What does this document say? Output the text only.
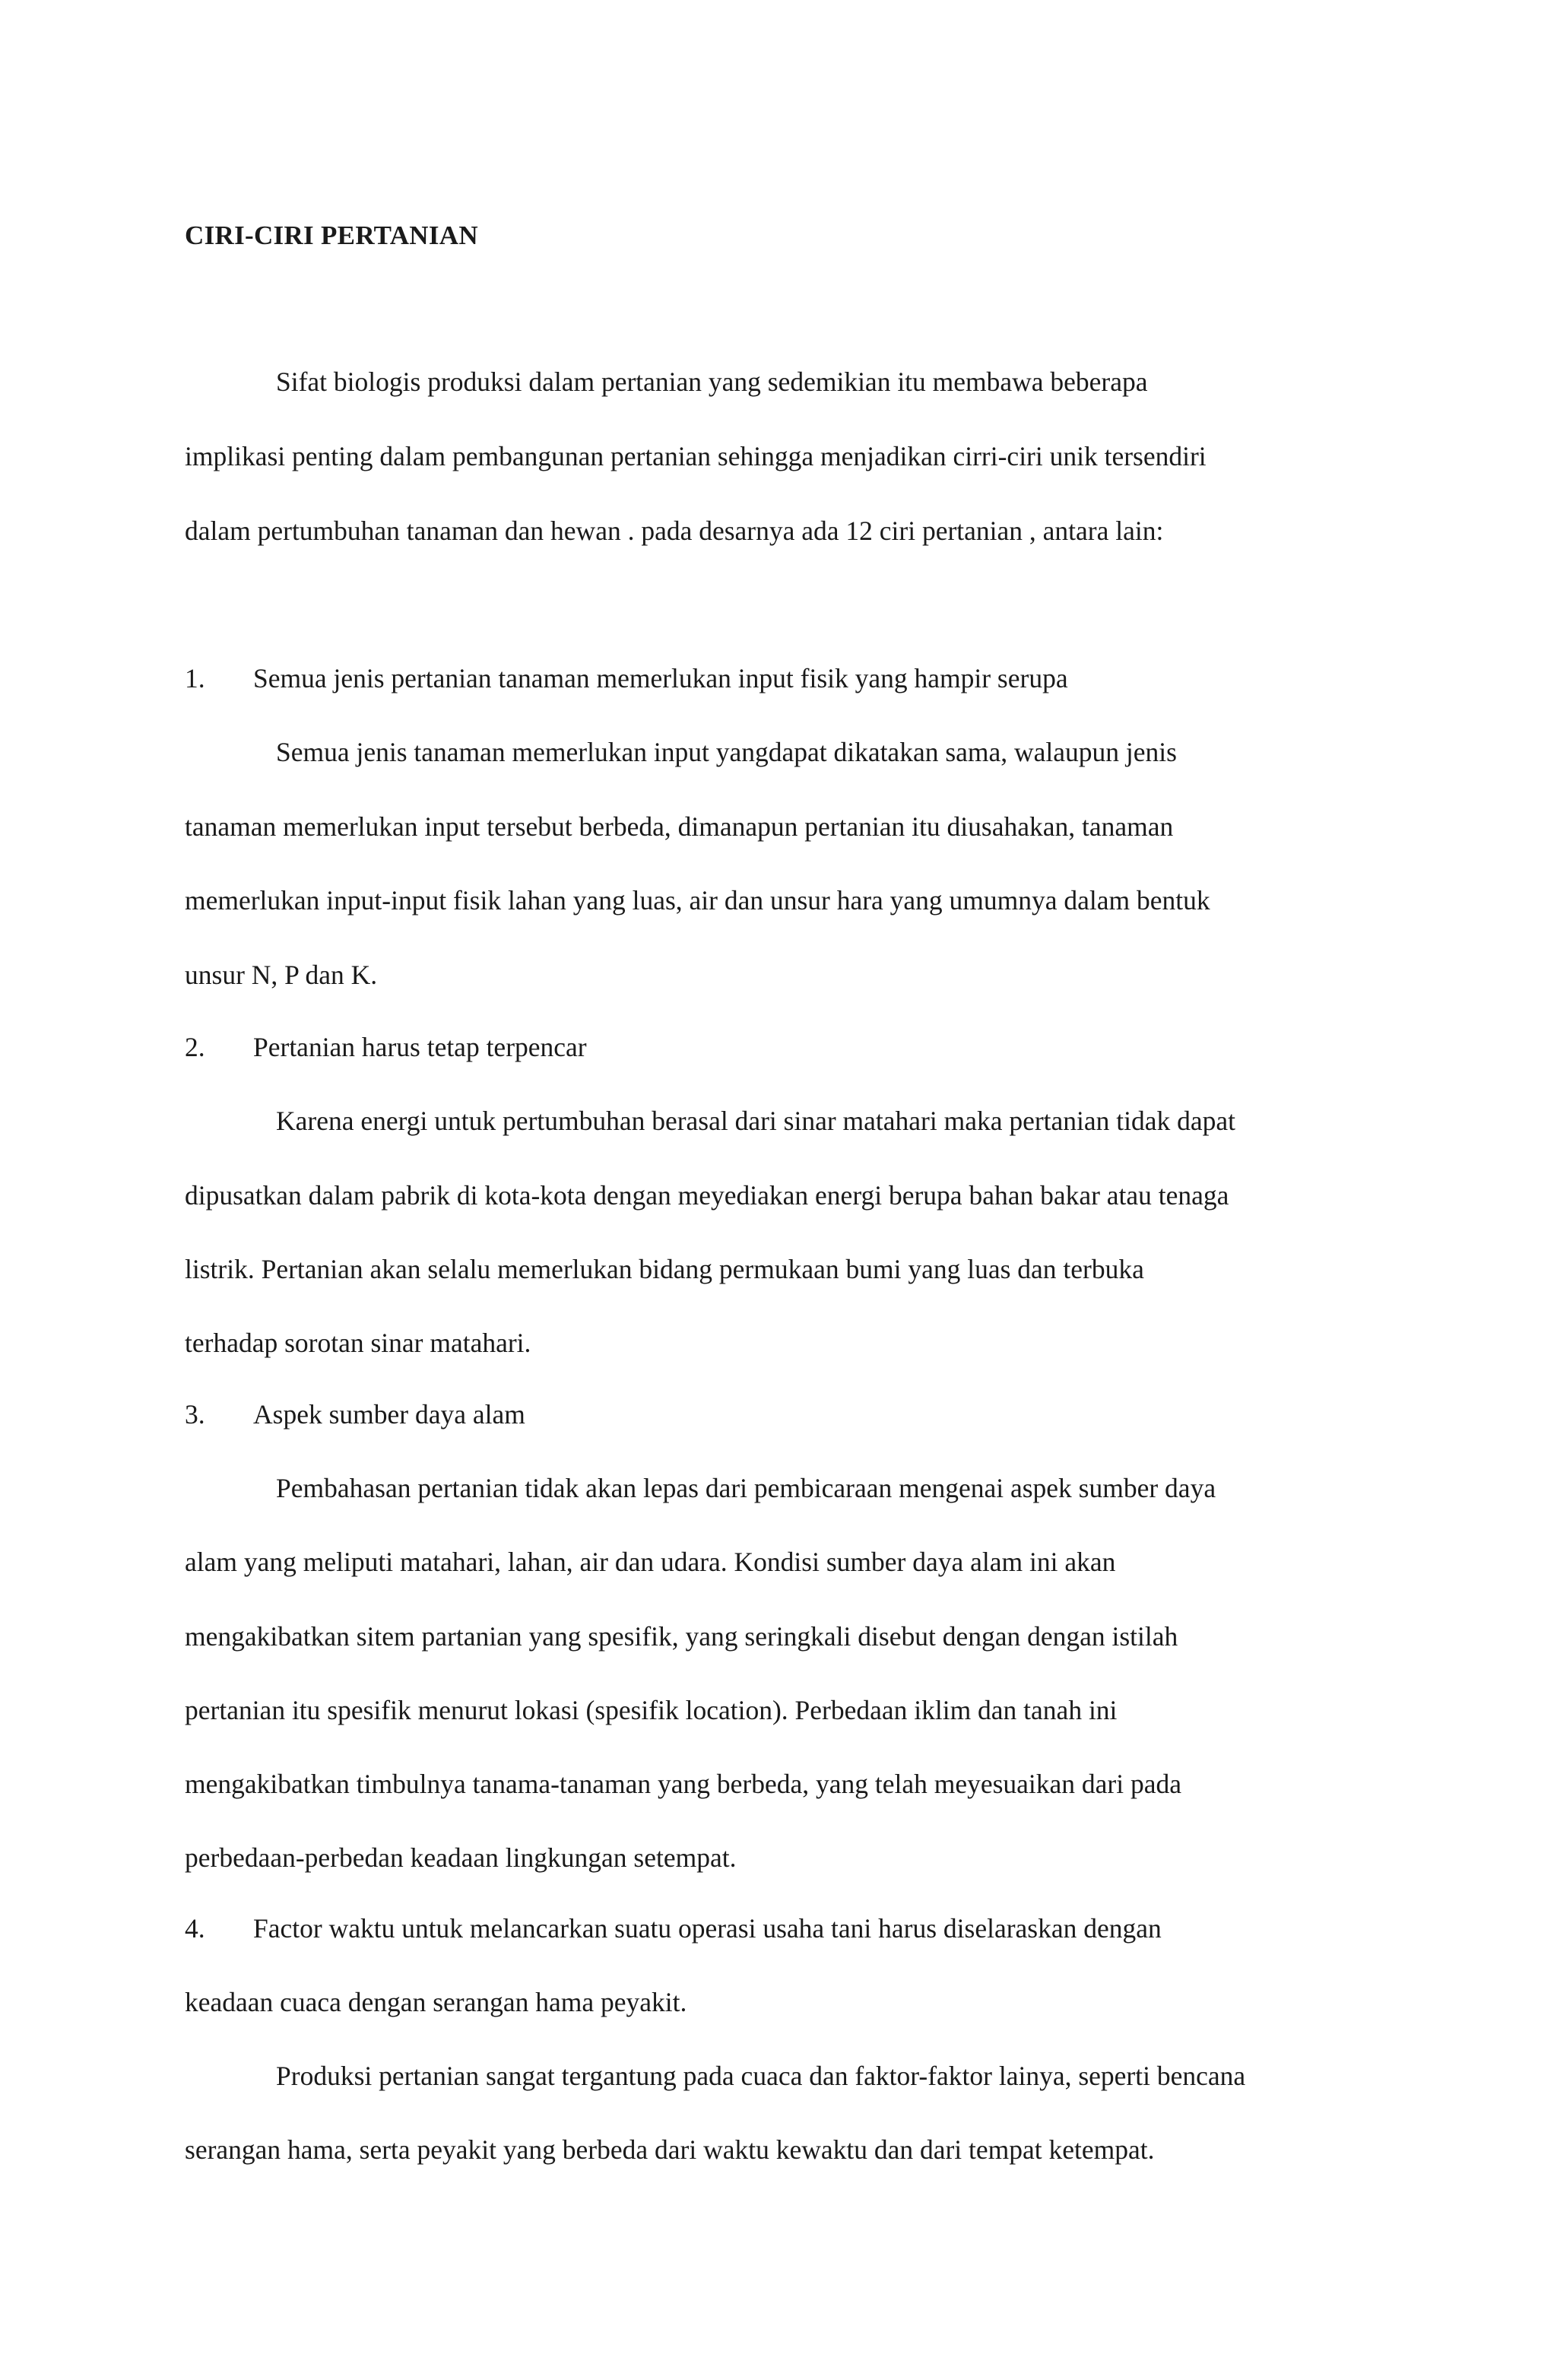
CIRI-CIRI PERTANIAN
Sifat biologis produksi dalam pertanian yang sedemikian itu membawa beberapa
implikasi penting dalam pembangunan pertanian sehingga menjadikan cirri-ciri unik tersendiri
dalam pertumbuhan tanaman dan hewan . pada desarnya ada 12 ciri pertanian , antara lain:
1. Semua jenis pertanian tanaman memerlukan input fisik yang hampir serupa
Semua jenis tanaman memerlukan input yangdapat dikatakan sama, walaupun jenis
tanaman memerlukan input tersebut berbeda, dimanapun pertanian itu diusahakan, tanaman
memerlukan input-input fisik lahan yang luas, air dan unsur hara yang umumnya dalam bentuk
unsur N, P dan K.
2. Pertanian harus tetap terpencar
Karena energi untuk pertumbuhan berasal dari sinar matahari maka pertanian tidak dapat
dipusatkan dalam pabrik di kota-kota dengan meyediakan energi berupa bahan bakar atau tenaga
listrik. Pertanian akan selalu memerlukan bidang permukaan bumi yang luas dan terbuka
terhadap sorotan sinar matahari.
3. Aspek sumber daya alam
Pembahasan pertanian tidak akan lepas dari pembicaraan mengenai aspek sumber daya
alam yang meliputi matahari, lahan, air dan udara. Kondisi sumber daya alam ini akan
mengakibatkan sitem partanian yang spesifik, yang seringkali disebut dengan dengan istilah
pertanian itu spesifik menurut lokasi (spesifik location). Perbedaan iklim dan tanah ini
mengakibatkan timbulnya tanama-tanaman yang berbeda, yang telah meyesuaikan dari pada
perbedaan-perbedan keadaan lingkungan setempat.
4. Factor waktu untuk melancarkan suatu operasi usaha tani harus diselaraskan dengan
keadaan cuaca dengan serangan hama peyakit.
Produksi pertanian sangat tergantung pada cuaca dan faktor-faktor lainya, seperti bencana
serangan hama, serta peyakit yang berbeda dari waktu kewaktu dan dari tempat ketempat.
